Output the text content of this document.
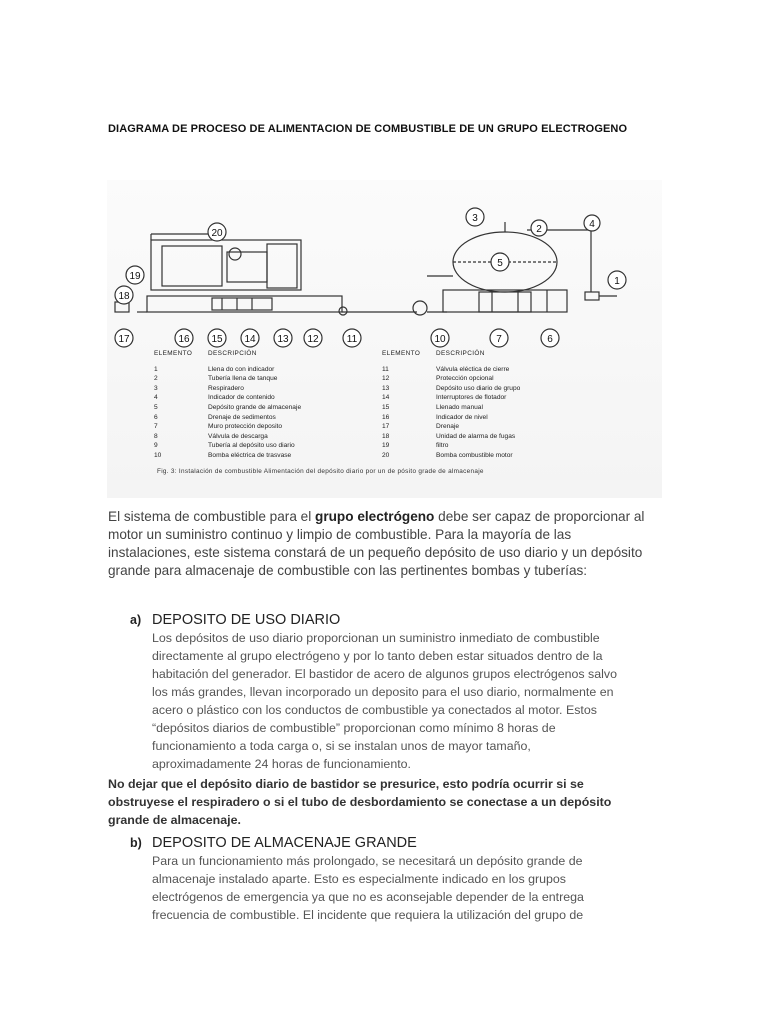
DIAGRAMA DE PROCESO DE ALIMENTACION DE COMBUSTIBLE DE UN GRUPO ELECTROGENO
20
19
18
17	16 15 14 13 12	11	10	7	6
5
3
2	4
1
ELEMENTO DESCRIPCIÓN
1	Llena do con indicador
2	Tubería llena de tanque
3	Respiradero
4	Indicador de contenido
5	Depósito grande de almacenaje
6	Drenaje de sedimentos
7	Muro protección deposito
8	Válvula de descarga
9	Tubería al depósito uso diario
10	Bomba eléctrica de trasvase
ELEMENTO DESCRIPCIÓN
11	Válvula eléctica de cierre
12	Protección opcional
13	Depósito uso diario de grupo
14	Interruptores de flotador
15	Llenado manual
16	Indicador de nivel
17	Drenaje
18	Unidad de alarma de fugas
19	filtro
20	Bomba combustible motor
Fig. 3: Instalación de combustible Alimentación del depósito diario por un de pósito grade de almacenaje
El sistema de combustible para el grupo electrógeno debe ser capaz de proporcionar al motor un suministro continuo y limpio de combustible. Para la mayoría de las instalaciones, este sistema constará de un pequeño depósito de uso diario y un depósito grande para almacenaje de combustible con las pertinentes bombas y tuberías:
a) DEPOSITO DE USO DIARIO
Los depósitos de uso diario proporcionan un suministro inmediato de combustible directamente al grupo electrógeno y por lo tanto deben estar situados dentro de la habitación del generador. El bastidor de acero de algunos grupos electrógenos salvo los más grandes, llevan incorporado un deposito para el uso diario, normalmente en acero o plástico con los conductos de combustible ya conectados al motor. Estos “depósitos diarios de combustible” proporcionan como mínimo 8 horas de funcionamiento a toda carga o, si se instalan unos de mayor tamaño, aproximadamente 24 horas de funcionamiento.
No dejar que el depósito diario de bastidor se presurice, esto podría ocurrir si se obstruyese el respiradero o si el tubo de desbordamiento se conectase a un depósito grande de almacenaje.
b) DEPOSITO DE ALMACENAJE GRANDE
Para un funcionamiento más prolongado, se necesitará un depósito grande de almacenaje instalado aparte. Esto es especialmente indicado en los grupos electrógenos de emergencia ya que no es aconsejable depender de la entrega frecuencia de combustible. El incidente que requiera la utilización del grupo de
